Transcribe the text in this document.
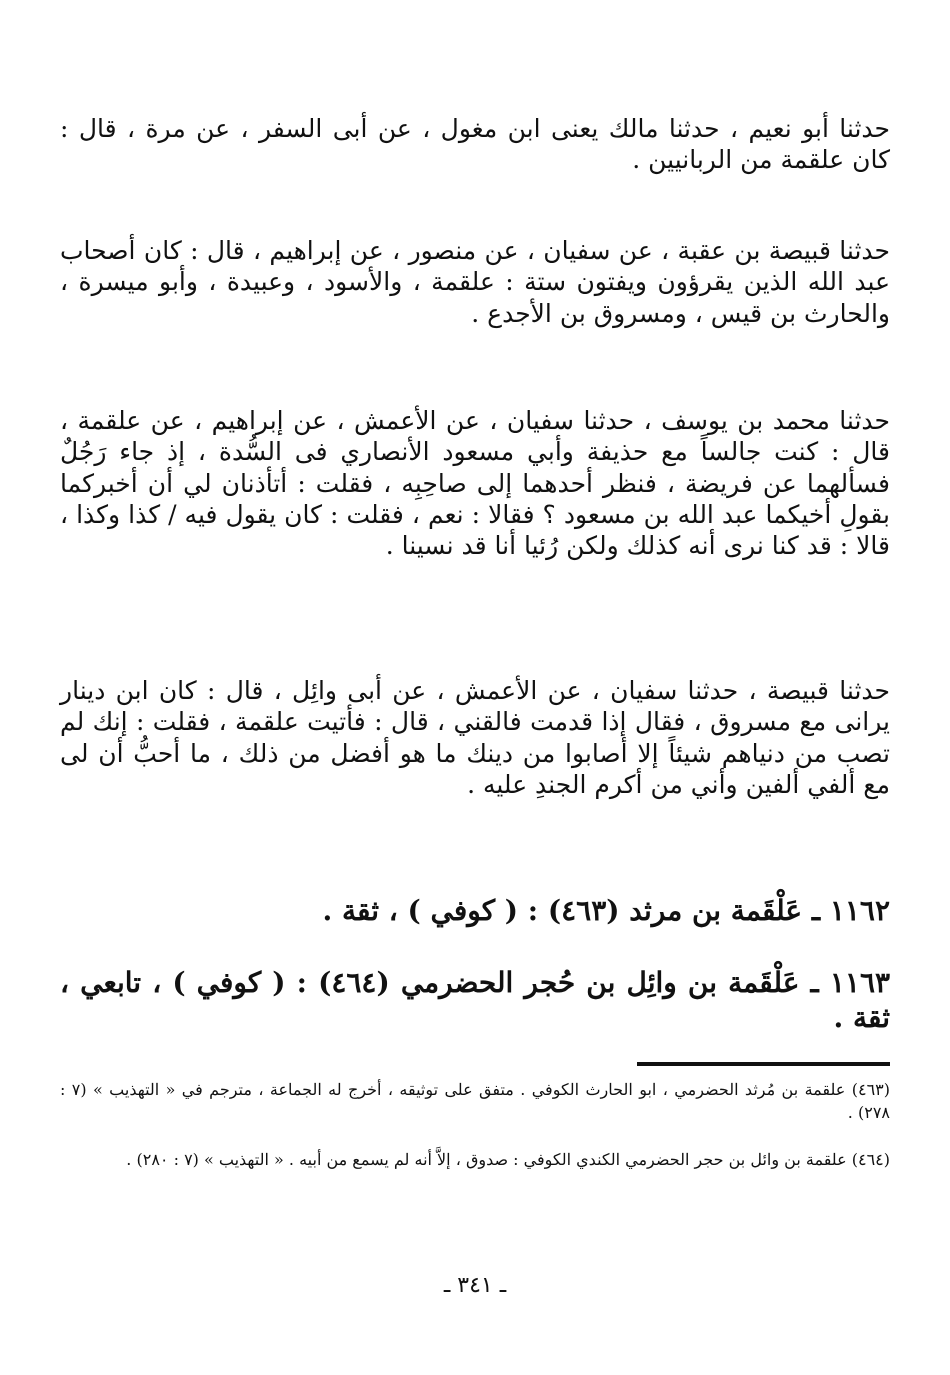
حدثنا أبو نعيم ، حدثنا مالك يعنى ابن مغول ، عن أبى السفر ، عن مرة ، قال : كان علقمة من الربانيين .

حدثنا قبيصة بن عقبة ، عن سفيان ، عن منصور ، عن إبراهيم ، قال : كان أصحاب عبد الله الذين يقرؤون ويفتون ستة : علقمة ، والأسود ، وعبيدة ، وأبو ميسرة ، والحارث بن قيس ، ومسروق بن الأجدع .

حدثنا محمد بن يوسف ، حدثنا سفيان ، عن الأعمش ، عن إبراهيم ، عن علقمة ، قال : كنت جالساً مع حذيفة وأبي مسعود الأنصاري فى السُّدة ، إذ جاء رَجُلٌ فسألهما عن فريضة ، فنظر أحدهما إلى صاحِبِه ، فقلت : أتأذنان لي أن أخبركما بقولِ أخيكما عبد الله بن مسعود ؟ فقالا : نعم ، فقلت : كان يقول فيه / كذا وكذا ، قالا : قد كنا نرى أنه كذلك ولكن رُئيا أنا قد نسينا .

حدثنا قبيصة ، حدثنا سفيان ، عن الأعمش ، عن أبى وائِل ، قال : كان ابن دينار يرانى مع مسروق ، فقال إذا قدمت فالقني ، قال : فأتيت علقمة ، فقلت : إنك لم تصب من دنياهم شيئاً إلا أصابوا من دينك ما هو أفضل من ذلك ، ما أحبُّ أن لى مع ألفي ألفين وأني من أكرم الجندِ عليه .

١١٦٢ ـ عَلْقَمة بن مرثد (٤٦٣) : ( كوفي ) ، ثقة .
١١٦٣ ـ عَلْقَمة بن وائِل بن حُجر الحضرمي (٤٦٤) : ( كوفي ) ، تابعي ، ثقة .

(٤٦٣) علقمة بن مُرثد الحضرمي ، ابو الحارث الكوفي . متفق على توثيقه ، أخرج له الجماعة ، مترجم في « التهذيب » (٧ : ٢٧٨) .

(٤٦٤) علقمة بن وائل بن حجر الحضرمي الكندي الكوفي : صدوق ، إلاَّ أنه لم يسمع من أبيه . « التهذيب » (٧ : ٢٨٠) .

ـ ٣٤١ ـ
